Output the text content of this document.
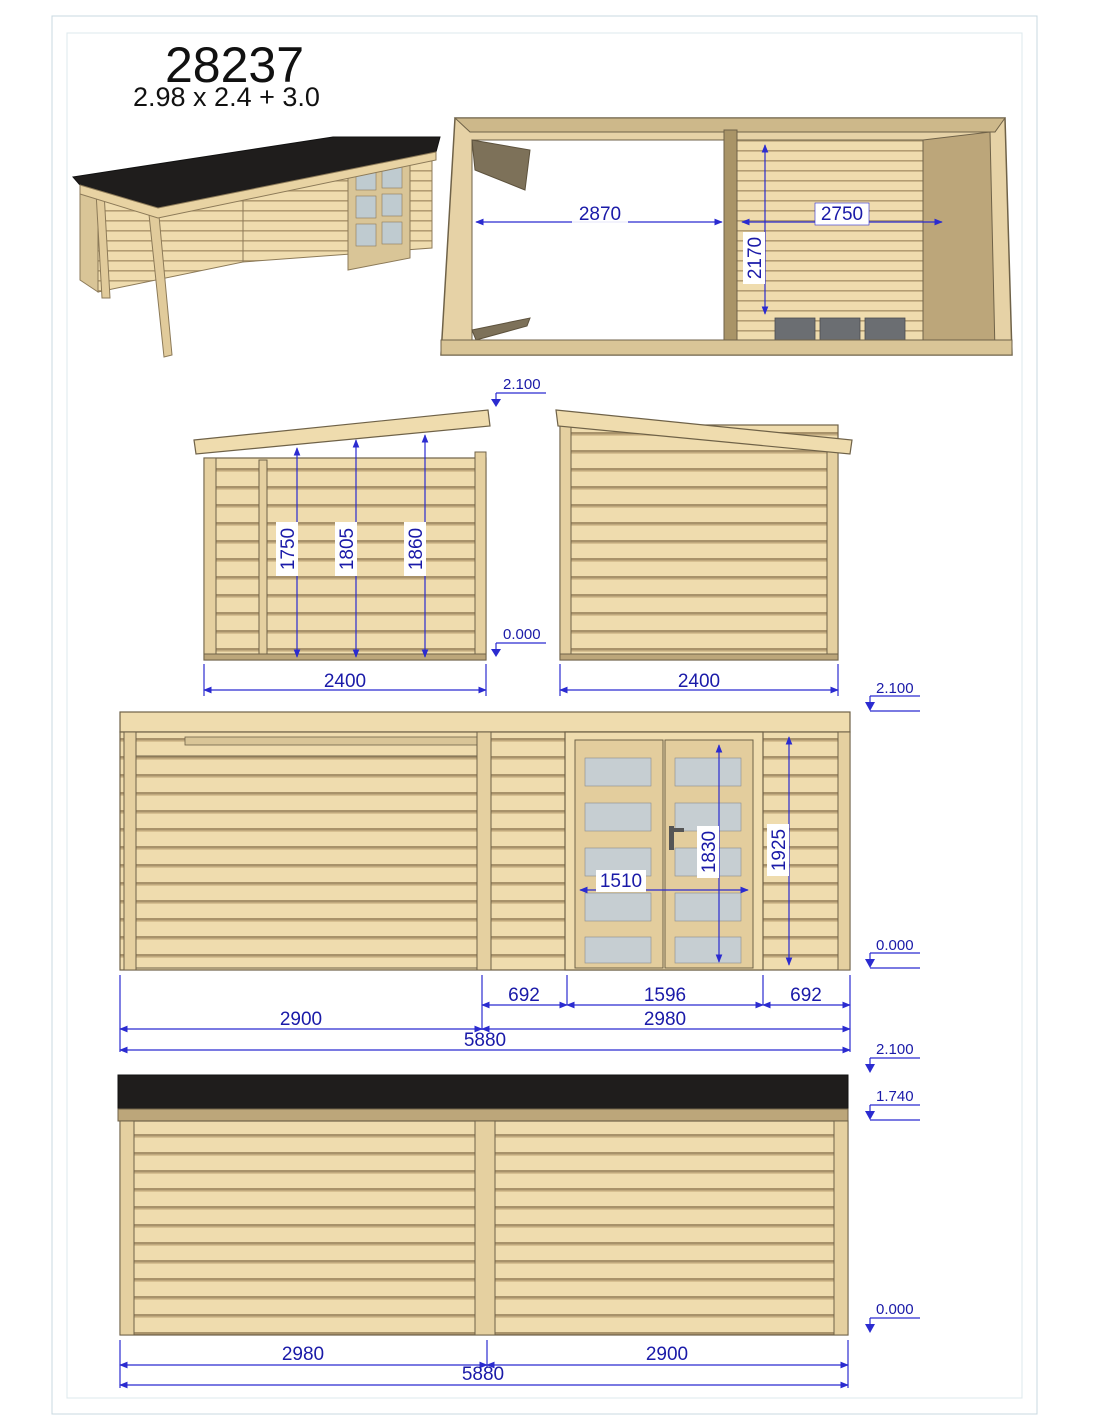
28237
2.98 x 2.4 + 3.0
2870	2750
2170
1750 1805	1860
2400
2.100
0.000
2400
1510
1830	1925
692	1596	692
2900	2980
5880
2.100
0.000
2980	2900
5880
2.100
1.740
0.000
